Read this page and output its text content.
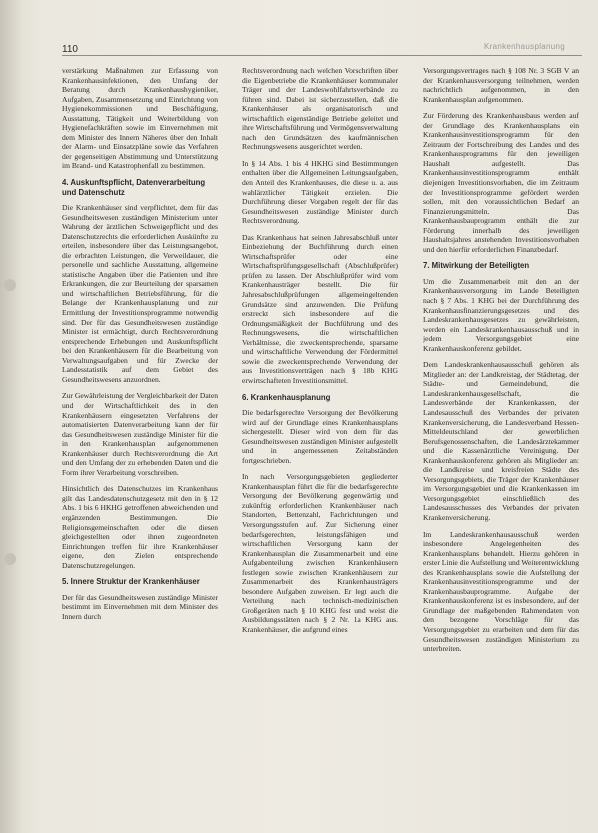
110	Krankenhausplanung

verstärkung Maßnahmen zur Erfassung von Krankenhausinfektionen, den Umfang der Beratung durch Krankenhaushygieniker, Aufgaben, Zusammensetzung und Einrichtung von Hygienekommissionen und Beschäftigung, Ausstattung, Tätigkeit und Weiterbildung von Hygienefachkräften sowie im Einvernehmen mit dem Minister des Innern Näheres über den Inhalt der Alarm- und Einsatzpläne sowie das Verfahren der gegenseitigen Abstimmung und Unterstützung im Brand- und Katastrophenfall zu bestimmen.

4. Auskunftspflicht, Datenverarbeitung und Datenschutz

Die Krankenhäuser sind verpflichtet, dem für das Gesundheitswesen zuständigen Ministerium unter Wahrung der ärztlichen Schweigepflicht und des Datenschutzrechts die erforderlichen Auskünfte zu erteilen, insbesondere über das Leistungsangebot, die erbrachten Leistungen, die Verweildauer, die personelle und sachliche Ausstattung, allgemeine statistische Angaben über die Patienten und ihre Erkrankungen, die zur Beurteilung der sparsamen und wirtschaftlichen Betriebsführung, für die Belange der Krankenhausplanung und zur Ermittlung der Investitionsprogramme notwendig sind. Der für das Gesundheitswesen zuständige Minister ist ermächtigt, durch Rechtsverordnung entsprechende Erhebungen und Auskunftspflicht bei den Krankenhäusern für die Bearbeitung von Verwaltungsaufgaben und für Zwecke der Landesstatistik auf dem Gebiet des Gesundheitswesens anzuordnen.

Zur Gewährleistung der Vergleichbarkeit der Daten und der Wirtschaftlichkeit des in den Krankenhäusern eingesetzten Verfahrens der automatisierten Datenverarbeitung kann der für das Gesundheitswesen zuständige Minister für die in den Krankenhausplan aufgenommenen Krankenhäuser durch Rechtsverordnung die Art und den Umfang der zu erhebenden Daten und die Form ihrer Verarbeitung vorschreiben.

Hinsichtlich des Datenschutzes im Krankenhaus gilt das Landesdatenschutzgesetz mit den in § 12 Abs. 1 bis 6 HKHG getroffenen abweichenden und ergänzenden Bestimmungen. Die Religionsgemeinschaften oder die diesen gleichgestellten oder ihnen zugeordneten Einrichtungen treffen für ihre Krankenhäuser eigene, den Zielen entsprechende Datenschutzregelungen.

5. Innere Struktur der Krankenhäuser

Der für das Gesundheitswesen zuständige Minister bestimmt im Einvernehmen mit dem Minister des Innern durch

Rechtsverordnung nach welchen Vorschriften über die Eigenbetriebe die Krankenhäuser kommunaler Träger und der Landeswohlfahrtsverbände zu führen sind. Dabei ist sicherzustellen, daß die Krankenhäuser als organisatorisch und wirtschaftlich eigenständige Betriebe geleitet und ihre Wirtschaftsführung und Vermögensverwaltung nach den Grundsätzen des kaufmännischen Rechnungswesens ausgerichtet werden.

In § 14 Abs. 1 bis 4 HKHG sind Bestimmungen enthalten über die Allgemeinen Leitungsaufgaben, den Anteil des Krankenhauses, die diese u. a. aus wahlärztlicher Tätigkeit erzielen. Die Durchführung dieser Vorgaben regelt der für das Gesundheitswesen zuständige Minister durch Rechtsverordnung.

Das Krankenhaus hat seinen Jahresabschluß unter Einbeziehung der Buchführung durch einen Wirtschaftsprüfer oder eine Wirtschaftsprüfungsgesellschaft (Abschlußprüfer) prüfen zu lassen. Der Abschlußprüfer wird vom Krankenhausträger bestellt. Die für Jahresabschlußprüfungen allgemeingeltenden Grundsätze sind anzuwenden. Die Prüfung erstreckt sich insbesondere auf die Ordnungsmäßigkeit der Buchführung und des Rechnungswesens, die wirtschaftlichen Verhältnisse, die zweckentsprechende, sparsame und wirtschaftliche Verwendung der Fördermittel sowie die zweckentsprechende Verwendung der aus Investitionsverträgen nach § 18b KHG erwirtschafteten Investitionsmittel.

6. Krankenhausplanung

Die bedarfsgerechte Versorgung der Bevölkerung wird auf der Grundlage eines Krankenhausplans sichergestellt. Dieser wird von dem für das Gesundheitswesen zuständigen Minister aufgestellt und in angemessenen Zeitabständen fortgeschrieben.

In nach Versorgungsgebieten gegliederter Krankenhausplan führt die für die bedarfsgerechte Versorgung der Bevölkerung gegenwärtig und zukünftig erforderlichen Krankenhäuser nach Standorten, Bettenzahl, Fachrichtungen und Versorgungsstufen auf. Zur Sicherung einer bedarfsgerechten, leistungsfähigen und wirtschaftlichen Versorgung kann der Krankenhausplan die Zusammenarbeit und eine Aufgabenteilung zwischen Krankenhäusern festlegen sowie zwischen Krankenhäusern zur Zusammenarbeit des Krankenhausträgers besondere Aufgaben zuweisen. Er legt auch die Verteilung nach technisch-medizinischen Großgeräten nach § 10 KHG fest und weist die Ausbildungsstätten nach § 2 Nr. 1a KHG aus. Krankenhäuser, die aufgrund eines

Versorgungsvertrages nach § 108 Nr. 3 SGB V an der Krankenhausversorgung teilnehmen, werden nachrichtlich aufgenommen, in den Krankenhausplan aufgenommen.

Zur Förderung des Krankenhausbaus werden auf der Grundlage des Krankenhausplans ein Krankenhausinvestitionsprogramm für den Zeitraum der Fortschreibung des Landes und des Krankenhausprogramms für den jeweiligen Haushalt aufgestellt. Das Krankenhausinvestitionsprogramm enthält diejenigen Investitionsvorhaben, die im Zeitraum der Investitionsprogramme gefördert werden sollen, mit den voraussichtlichen Bedarf an Finanzierungsmitteln. Das Krankenhausbauprogramm enthält die zur Förderung innerhalb des jeweiligen Haushaltsjahres anstehenden Investitionsvorhaben und den hierfür erforderlichen Finanzbedarf.

7. Mitwirkung der Beteiligten

Um die Zusammenarbeit mit den an der Krankenhausversorgung im Lande Beteiligten nach § 7 Abs. 1 KHG bei der Durchführung des Krankenhausfinanzierungsgesetzes und des Landeskrankenhausgesetzes zu gewährleisten, werden ein Landeskrankenhausausschuß und in jedem Versorgungsgebiet eine Krankenhauskonferenz gebildet.

Dem Landeskrankenhausausschuß gehören als Mitglieder an: der Landkreistag, der Städtetag, der Städte- und Gemeindebund, die Landeskrankenhausgesellschaft, die Landesverbände der Krankenkassen, der Landesausschuß des Verbandes der privaten Krankenversicherung, die Landesverband Hessen-Mitteldeutschland der gewerblichen Berufsgenossenschaften, die Landesärztekammer und die Kassenärztliche Vereinigung. Der Krankenhauskonferenz gehören als Mitglieder an: die Landkreise und kreisfreien Städte des Versorgungsgebiets, die Träger der Krankenhäuser im Versorgungsgebiet und die Krankenkassen im Versorgungsgebiet einschließlich des Landesausschusses des Verbandes der privaten Krankenversicherung.

Im Landeskrankenhausausschuß werden insbesondere Angelegenheiten des Krankenhausplans behandelt. Hierzu gehören in erster Linie die Aufstellung und Weiterentwicklung des Krankenhausplans sowie die Aufstellung der Krankenhausinvestitionsprogramme und der Krankenhausbauprogramme. Aufgabe der Krankenhauskonferenz ist es insbesondere, auf der Grundlage der maßgebenden Rahmendaten von den bezogene Vorschläge für das Versorgungsgebiet zu erarbeiten und dem für das Gesundheitswesen zuständigen Ministerium zu unterbreiten.
